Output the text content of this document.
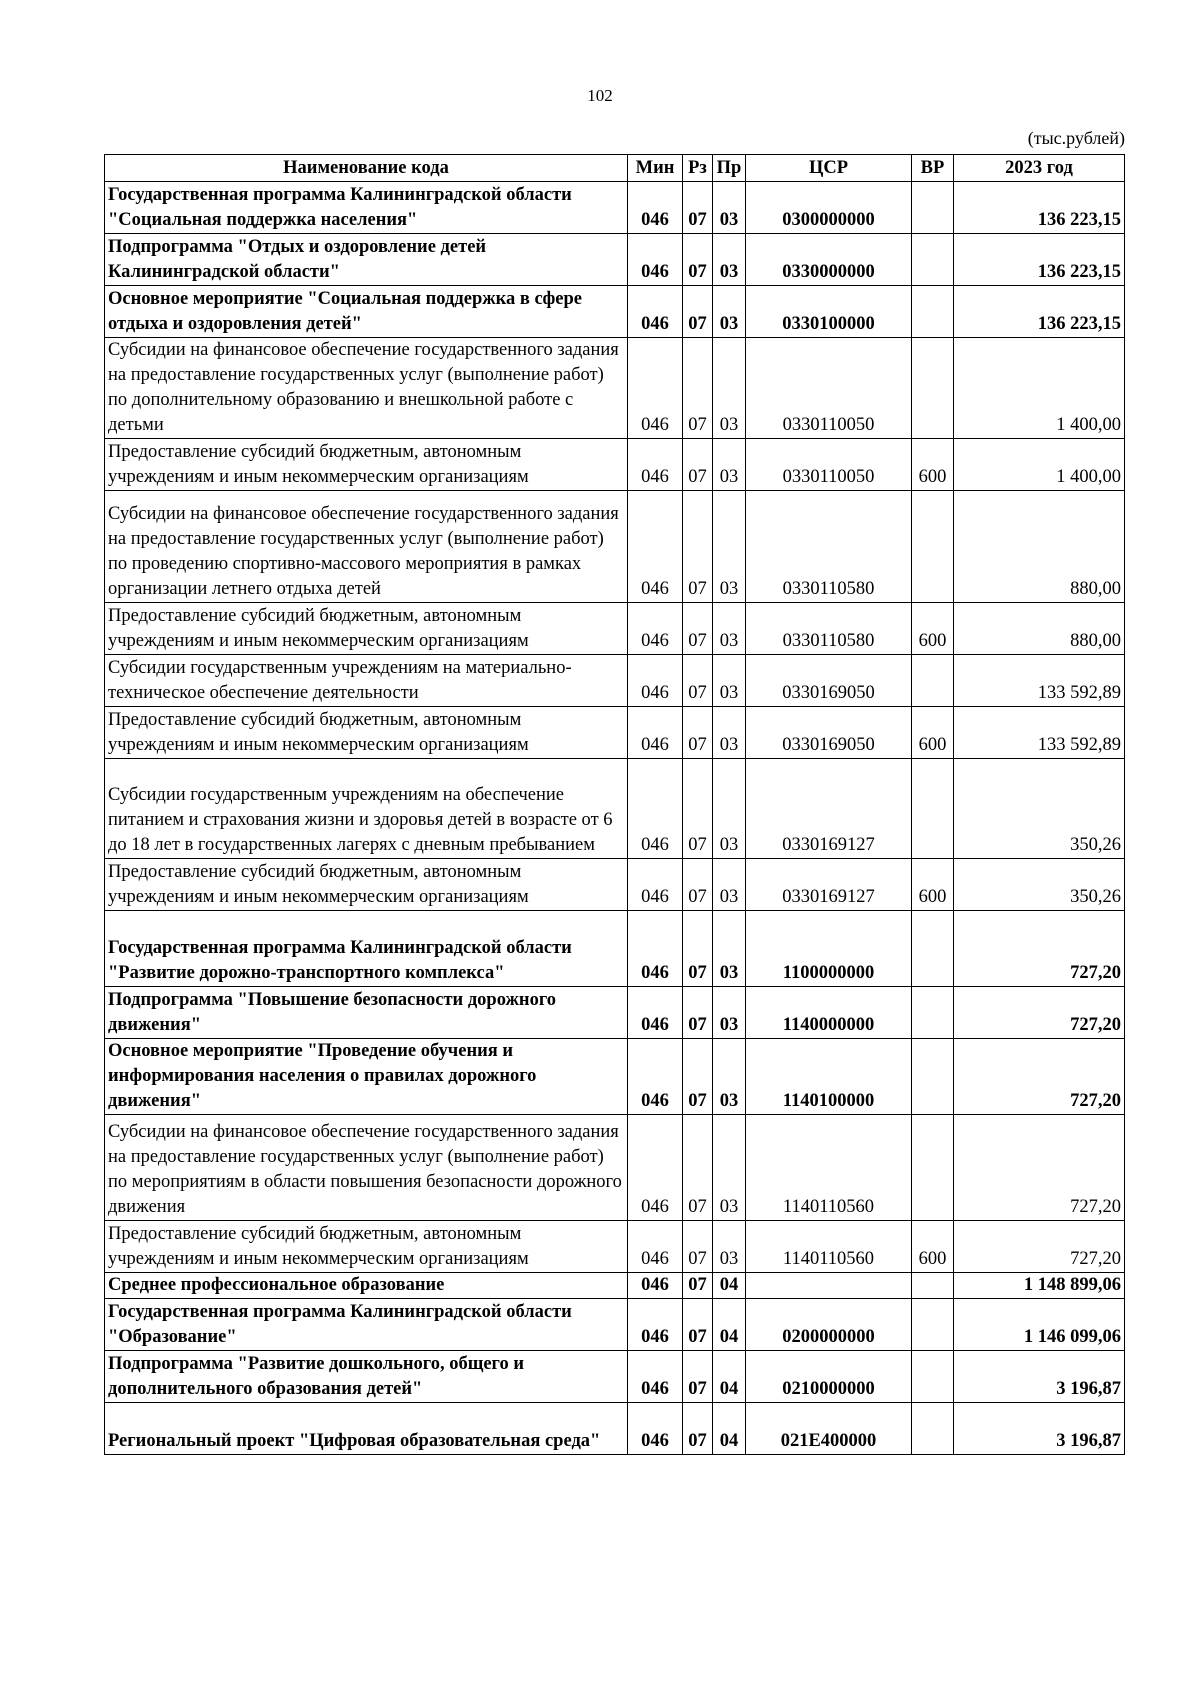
102
(тыс.рублей)
Наименование кода	Мин	Рз	Пр	ЦСР	ВР	2023 год
Государственная программа Калининградской области "Социальная поддержка населения"	046	07	03	0300000000		136 223,15
Подпрограмма "Отдых и оздоровление детей Калининградской области"	046	07	03	0330000000		136 223,15
Основное мероприятие "Социальная поддержка в сфере отдыха и оздоровления детей"	046	07	03	0330100000		136 223,15
Субсидии на финансовое обеспечение государственного задания на предоставление государственных услуг (выполнение работ) по дополнительному образованию и внешкольной работе с детьми	046	07	03	0330110050		1 400,00
Предоставление субсидий бюджетным, автономным учреждениям и иным некоммерческим организациям	046	07	03	0330110050	600	1 400,00
Субсидии на финансовое обеспечение государственного задания на предоставление государственных услуг (выполнение работ) по проведению спортивно-массового мероприятия в рамках организации летнего отдыха детей	046	07	03	0330110580		880,00
Предоставление субсидий бюджетным, автономным учреждениям и иным некоммерческим организациям	046	07	03	0330110580	600	880,00
Субсидии государственным учреждениям на материально-техническое обеспечение деятельности	046	07	03	0330169050		133 592,89
Предоставление субсидий бюджетным, автономным учреждениям и иным некоммерческим организациям	046	07	03	0330169050	600	133 592,89
Субсидии государственным учреждениям на обеспечение питанием и страхования жизни и здоровья детей в возрасте от 6 до 18 лет в государственных лагерях с дневным пребыванием	046	07	03	0330169127		350,26
Предоставление субсидий бюджетным, автономным учреждениям и иным некоммерческим организациям	046	07	03	0330169127	600	350,26
Государственная программа Калининградской области "Развитие дорожно-транспортного комплекса"	046	07	03	1100000000		727,20
Подпрограмма "Повышение безопасности дорожного движения"	046	07	03	1140000000		727,20
Основное мероприятие "Проведение обучения и информирования населения о правилах дорожного движения"	046	07	03	1140100000		727,20
Субсидии на финансовое обеспечение государственного задания на предоставление государственных услуг (выполнение работ) по мероприятиям в области повышения безопасности дорожного движения	046	07	03	1140110560		727,20
Предоставление субсидий бюджетным, автономным учреждениям и иным некоммерческим организациям	046	07	03	1140110560	600	727,20
Среднее профессиональное образование	046	07	04			1 148 899,06
Государственная программа Калининградской области "Образование"	046	07	04	0200000000		1 146 099,06
Подпрограмма "Развитие дошкольного, общего и дополнительного образования детей"	046	07	04	0210000000		3 196,87
Региональный проект "Цифровая образовательная среда"	046	07	04	021Е400000		3 196,87
